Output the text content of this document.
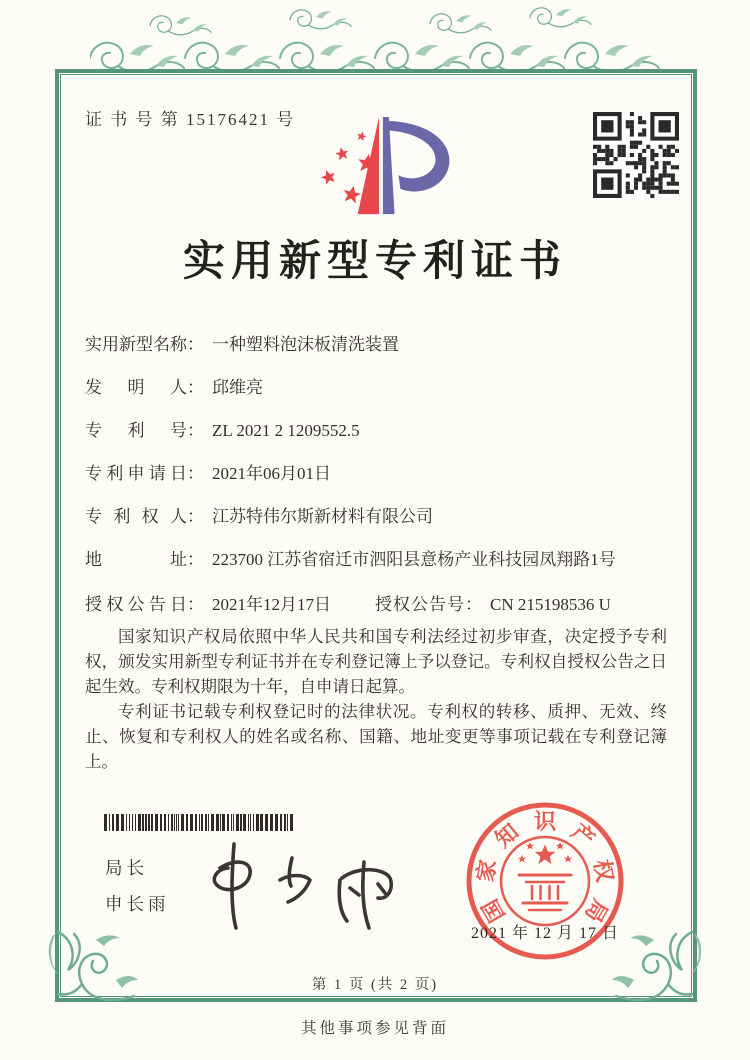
证 书 号 第 15176421 号
实用新型专利证书
实用新型名称： 一种塑料泡沫板清洗装置
发明人： 邱维亮
专利号： ZL 2021 2 1209552.5
专利申请日： 2021年06月01日
专利权人： 江苏特伟尔斯新材料有限公司
地址： 223700 江苏省宿迁市泗阳县意杨产业科技园凤翔路1号
授权公告日： 2021年12月17日	授权公告号： CN 215198536 U

国家知识产权局依照中华人民共和国专利法经过初步审查，决定授予专利权，颁发实用新型专利证书并在专利登记簿上予以登记。专利权自授权公告之日起生效。专利权期限为十年，自申请日起算。

专利证书记载专利权登记时的法律状况。专利权的转移、质押、无效、终止、恢复和专利权人的姓名或名称、国籍、地址变更等事项记载在专利登记簿上。

局长
申长雨	国
家
知 识 产
权
局
2021 年 12 月 17 日
第 1 页 (共 2 页)
其他事项参见背面
